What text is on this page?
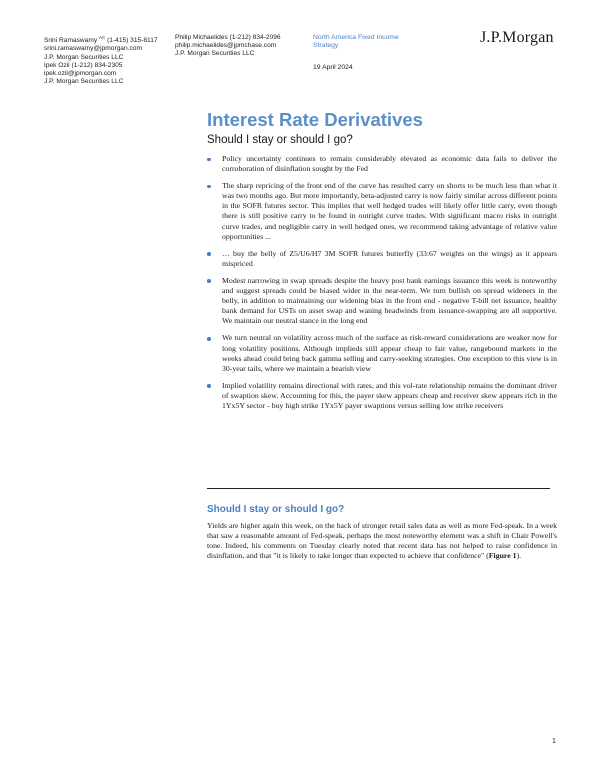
Srini Ramaswamy $^{AC}$ (1-415) 315-8117
srini.ramaswamy@jpmorgan.com
J.P. Morgan Securities LLC
Ipek Ozil (1-212) 834-2305
ipek.ozil@jpmorgan.com
J.P. Morgan Securities LLC
Philip Michaelides (1-212) 834-2096
philip.michaelides@jpmchase.com
J.P. Morgan Securities LLC
North America Fixed Income Strategy
19 April 2024
J.P.Morgan
Interest Rate Derivatives
Should I stay or should I go?
Policy uncertainty continues to remain considerably elevated as economic data fails to deliver the corroboration of disinflation sought by the Fed
The sharp repricing of the front end of the curve has resulted carry on shorts to be much less than what it was two months ago. But more importantly, beta-adjusted carry is now fairly similar across different points in the SOFR futures sector. This implies that well hedged trades will likely offer little carry, even though there is still positive carry to be found in outright curve trades. With significant macro risks in outright curve trades, and negligible carry in well hedged ones, we recommend taking advantage of relative value opportunities ...
… buy the belly of Z5/U6/H7 3M SOFR futures butterfly (33:67 weights on the wings) as it appears mispriced
Modest narrowing in swap spreads despite the heavy post bank earnings issuance this week is noteworthy and suggest spreads could be biased wider in the near-term. We turn bullish on spread wideners in the belly, in addition to maintaining our widening bias in the front end - negative T-bill net issuance, healthy bank demand for USTs on asset swap and waning headwinds from issuance-swapping are all supportive. We maintain our neutral stance in the long end
We turn neutral on volatility across much of the surface as risk-reward considerations are weaker now for long volatility positions. Although implieds still appear cheap to fair value, rangebound markets in the weeks ahead could bring back gamma selling and carry-seeking strategies. One exception to this view is in 30-year tails, where we maintain a bearish view
Implied volatility remains directional with rates, and this vol-rate relationship remains the dominant driver of swaption skew. Accounting for this, the payer skew appears cheap and receiver skew appears rich in the 1Yx5Y sector - buy high strike 1Yx5Y payer swaptions versus selling low strike receivers
Should I stay or should I go?

Yields are higher again this week, on the back of stronger retail sales data as well as more Fed-speak. In a week that saw a reasonable amount of Fed-speak, perhaps the most noteworthy element was a shift in Chair Powell's tone. Indeed, his comments on Tuesday clearly noted that recent data has not helped to raise confidence in disinflation, and that "it is likely to take longer than expected to achieve that confidence" (Figure 1).

1
